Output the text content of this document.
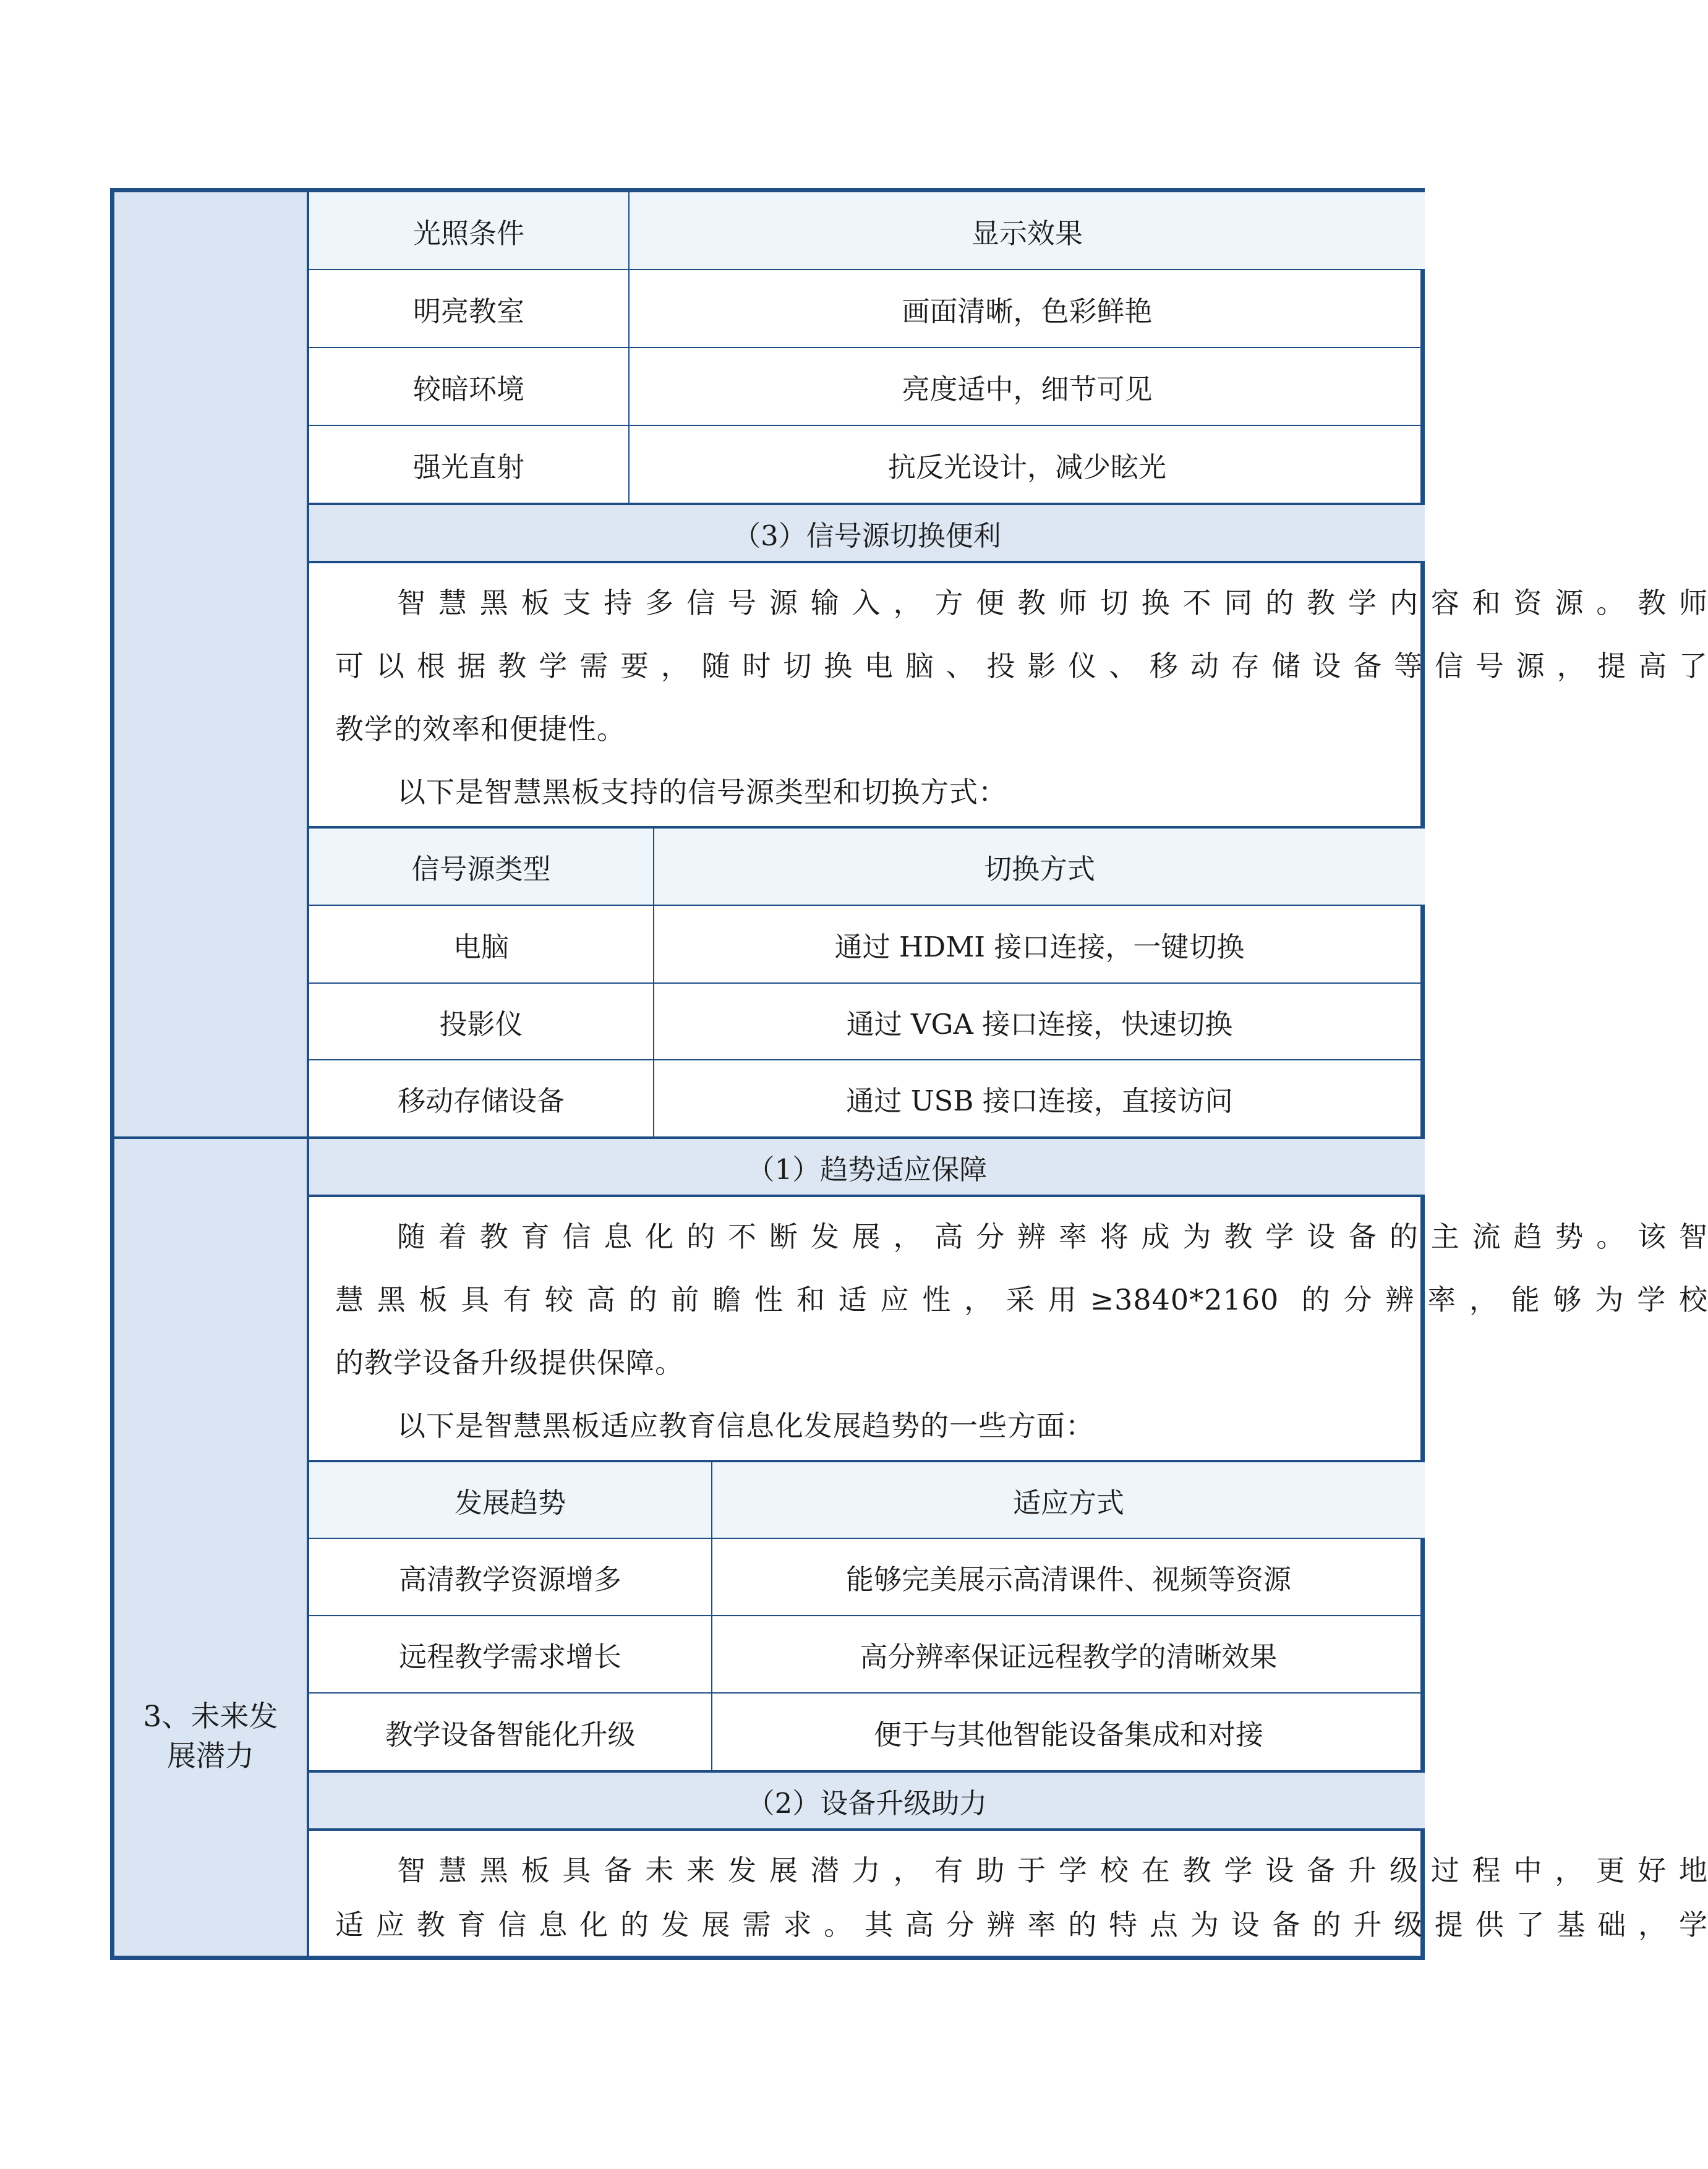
3、未来发
展潜力
光照条件	显示效果
明亮教室	画面清晰，色彩鲜艳
较暗环境	亮度适中，细节可见
强光直射	抗反光设计，减少眩光
（3）信号源切换便利
智慧黑板支持多信号源输入，方便教师切换不同的教学内容和资源。教师
可以根据教学需要，随时切换电脑、投影仪、移动存储设备等信号源，提高了
教学的效率和便捷性。
以下是智慧黑板支持的信号源类型和切换方式：
信号源类型	切换方式
电脑	通过 HDMI 接口连接，一键切换
投影仪	通过 VGA 接口连接，快速切换
移动存储设备	通过 USB 接口连接，直接访问
（1）趋势适应保障
随着教育信息化的不断发展，高分辨率将成为教学设备的主流趋势。该智
慧黑板具有较高的前瞻性和适应性，采用≥3840*2160 的分辨率，能够为学校
的教学设备升级提供保障。
以下是智慧黑板适应教育信息化发展趋势的一些方面：
发展趋势	适应方式
高清教学资源增多	能够完美展示高清课件、视频等资源
远程教学需求增长	高分辨率保证远程教学的清晰效果
教学设备智能化升级	便于与其他智能设备集成和对接
（2）设备升级助力
智慧黑板具备未来发展潜力，有助于学校在教学设备升级过程中，更好地
适应教育信息化的发展需求。其高分辨率的特点为设备的升级提供了基础，学
